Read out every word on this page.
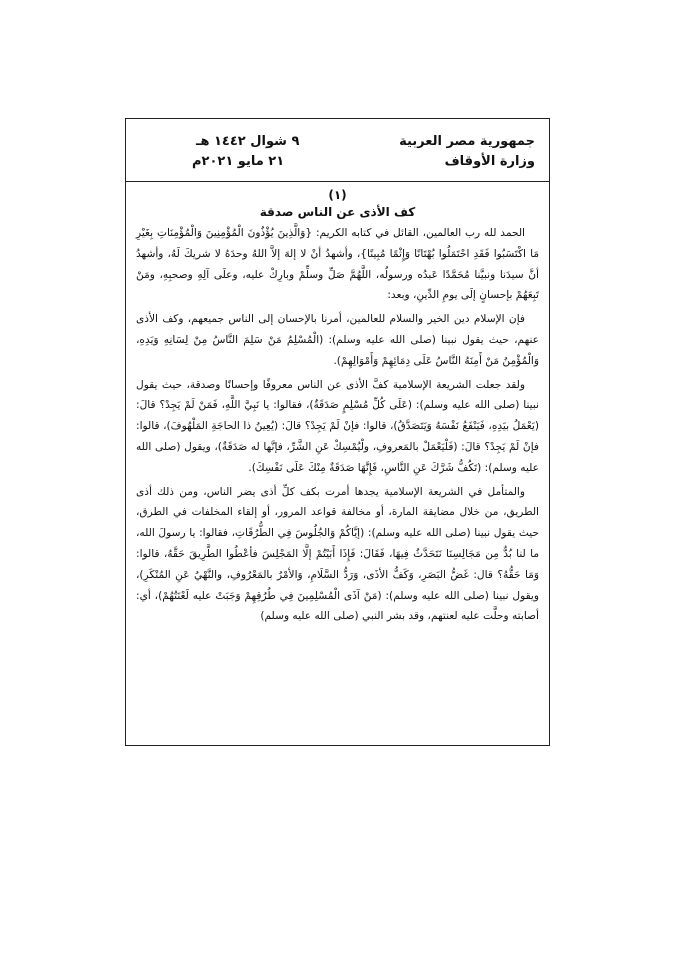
جمهورية مصر العربية
وزارة الأوقاف
٩ شوال ١٤٤٢ هـ
٢١ مايو ٢٠٢١م
(١)
كف الأذى عن الناس صدقة

الحمد لله رب العالمين، القائل في كتابه الكريم: {وَالَّذِينَ يُؤْذُونَ الْمُؤْمِنِينَ وَالْمُؤْمِنَاتِ بِغَيْرِ مَا اكْتَسَبُوا فَقَدِ احْتَمَلُوا بُهْتَانًا وَإِثْمًا مُبِينًا}، وأشهدُ أنْ لا إلهَ إلاَّ اللهُ وحدَهُ لا شريكَ لَهُ، وأشهدُ أنَّ سيدَنا ونبيَّنا مُحَمَّدًا عَبدُه ورسولُه، اللَّهُمَّ صَلِّ وسلِّمْ وبارِكْ عليه، وعلَى آلِهِ وصحبِهِ، ومَنْ تَبِعَهُمْ بإحسانٍ إلَى يومِ الدِّينِ، وبعد:

فإن الإسلام دين الخير والسلام للعالمين، أمرنا بالإحسان إلى الناس جميعهم، وكف الأذى عنهم، حيث يقول نبينا (صلى الله عليه وسلم): (الْمُسْلِمُ مَنْ سَلِمَ النَّاسُ مِنْ لِسَانِهِ وَيَدِهِ، وَالْمُؤْمِنُ مَنْ أَمِنَهُ النَّاسُ عَلَى دِمَائِهِمْ وَأَمْوَالِهِمْ).

ولقد جعلت الشريعة الإسلامية كفَّ الأذى عن الناس معروفًا وإحسانًا وصدقة، حيث يقول نبينا (صلى الله عليه وسلم): (عَلَى كُلِّ مُسْلِمٍ صَدَقَةٌ)، فقالوا: يا نَبِيَّ اللَّهِ، فَمَنْ لَمْ يَجِدْ؟ قالَ: (يَعْمَلُ بيَدِهِ، فَيَنْفَعُ نَفْسَهُ وَيَتَصَدَّقُ)، قالوا: فإنْ لَمْ يَجِدْ؟ قالَ: (يُعِينُ ذا الحاجَةِ المَلْهُوفَ)، قالوا: فإنْ لَمْ يَجِدْ؟ قالَ: (فَلْيَعْمَلْ بالمَعروفِ، ولْيُمْسِكْ عَنِ الشَّرِّ، فإنَّها له صَدَقَةٌ)، ويقول (صلى الله عليه وسلم): (تَكُفُّ شَرَّكَ عَنِ النَّاسِ، فَإِنَّهَا صَدَقَةٌ مِنْكَ عَلَى نَفْسِكَ).

والمتأمل في الشريعة الإسلامية يجدها أمرت بكف كلِّ أذى يضر الناس، ومن ذلك أذى الطريق، من خلال مضايقة المارة، أو مخالفة قواعد المرور، أو إلقاء المخلفات في الطرق، حيث يقول نبينا (صلى الله عليه وسلم): (إيَّاكُمْ وَالجُلُوسَ فِي الطُّرُقَاتِ، فقالوا: يا رسولَ الله، ما لنا بُدٌّ مِن مَجَالِسِنَا نَتَحَدَّثُ فِيهَا، فَقَالَ: فَإِذَا أَبَيْتُمْ إلَّا المَجْلِسَ فأعْطُوا الطَّرِيقَ حَقَّهُ، قالوا: وَمَا حَقُّهُ؟ قال: غَضُّ البَصَرِ، وَكَفُّ الأذَى، وَرَدُّ السَّلَامِ، وَالأمْرُ بالمَعْرُوفِ، والنَّهْيُ عَنِ المُنْكَرِ)، ويقول نبينا (صلى الله عليه وسلم): (مَنْ آذَى الْمُسْلِمِينَ فِي طُرُقِهِمْ وَجَبَتْ عليه لَعْنَتُهُمْ)، أي: أصابته وحلَّت عليه لعنتهم، وقد بشر النبي (صلى الله عليه وسلم)
